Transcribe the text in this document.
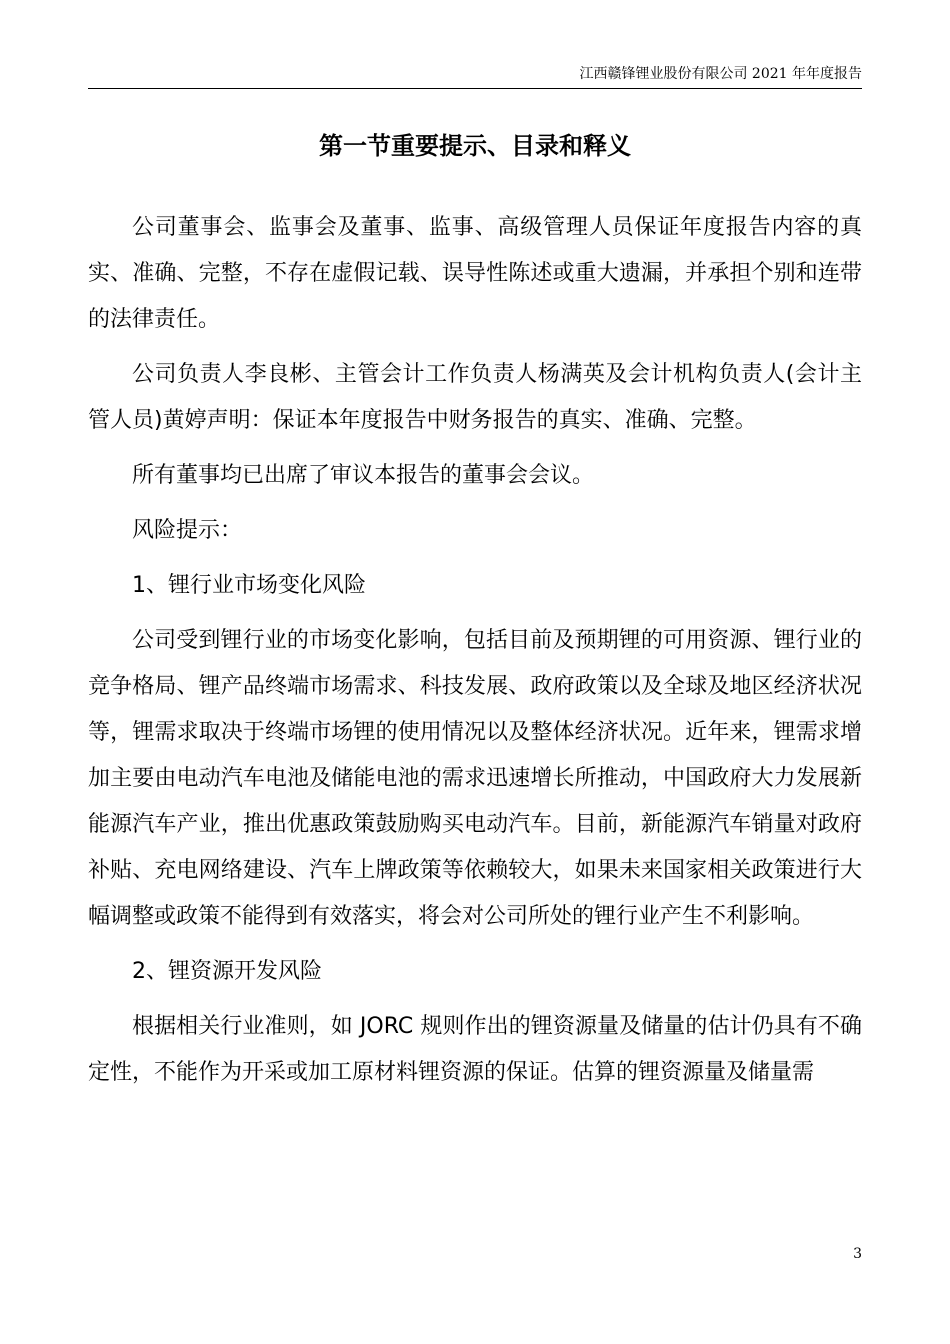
江西赣锋锂业股份有限公司 2021 年年度报告
第一节重要提示、目录和释义

公司董事会、监事会及董事、监事、高级管理人员保证年度报告内容的真实、准确、完整，不存在虚假记载、误导性陈述或重大遗漏，并承担个别和连带的法律责任。

公司负责人李良彬、主管会计工作负责人杨满英及会计机构负责人(会计主管人员)黄婷声明：保证本年度报告中财务报告的真实、准确、完整。

所有董事均已出席了审议本报告的董事会会议。

风险提示：

1、锂行业市场变化风险

公司受到锂行业的市场变化影响，包括目前及预期锂的可用资源、锂行业的竞争格局、锂产品终端市场需求、科技发展、政府政策以及全球及地区经济状况等，锂需求取决于终端市场锂的使用情况以及整体经济状况。近年来，锂需求增加主要由电动汽车电池及储能电池的需求迅速增长所推动，中国政府大力发展新能源汽车产业，推出优惠政策鼓励购买电动汽车。目前，新能源汽车销量对政府补贴、充电网络建设、汽车上牌政策等依赖较大，如果未来国家相关政策进行大幅调整或政策不能得到有效落实，将会对公司所处的锂行业产生不利影响。

2、锂资源开发风险

根据相关行业准则，如 JORC 规则作出的锂资源量及储量的估计仍具有不确定性，不能作为开采或加工原材料锂资源的保证。估算的锂资源量及储量需

3
